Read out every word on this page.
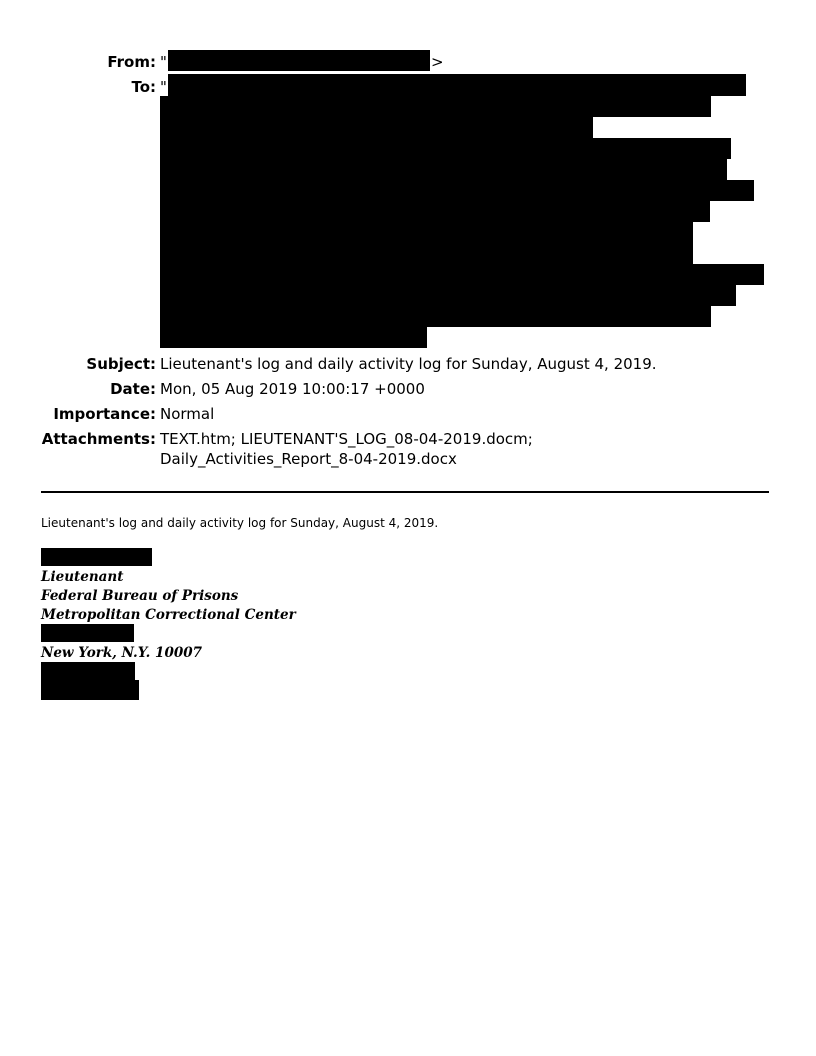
From: "	>
To: "
Subject: Lieutenant's log and daily activity log for Sunday, August 4, 2019.
Date: Mon, 05 Aug 2019 10:00:17 +0000
Importance: Normal
Attachments: TEXT.htm; LIEUTENANT'S_LOG_08-04-2019.docm; Daily_Activities_Report_8-04-2019.docx
Lieutenant's log and daily activity log for Sunday, August 4, 2019.
Lieutenant
Federal Bureau of Prisons
Metropolitan Correctional Center
New York, N.Y. 10007
